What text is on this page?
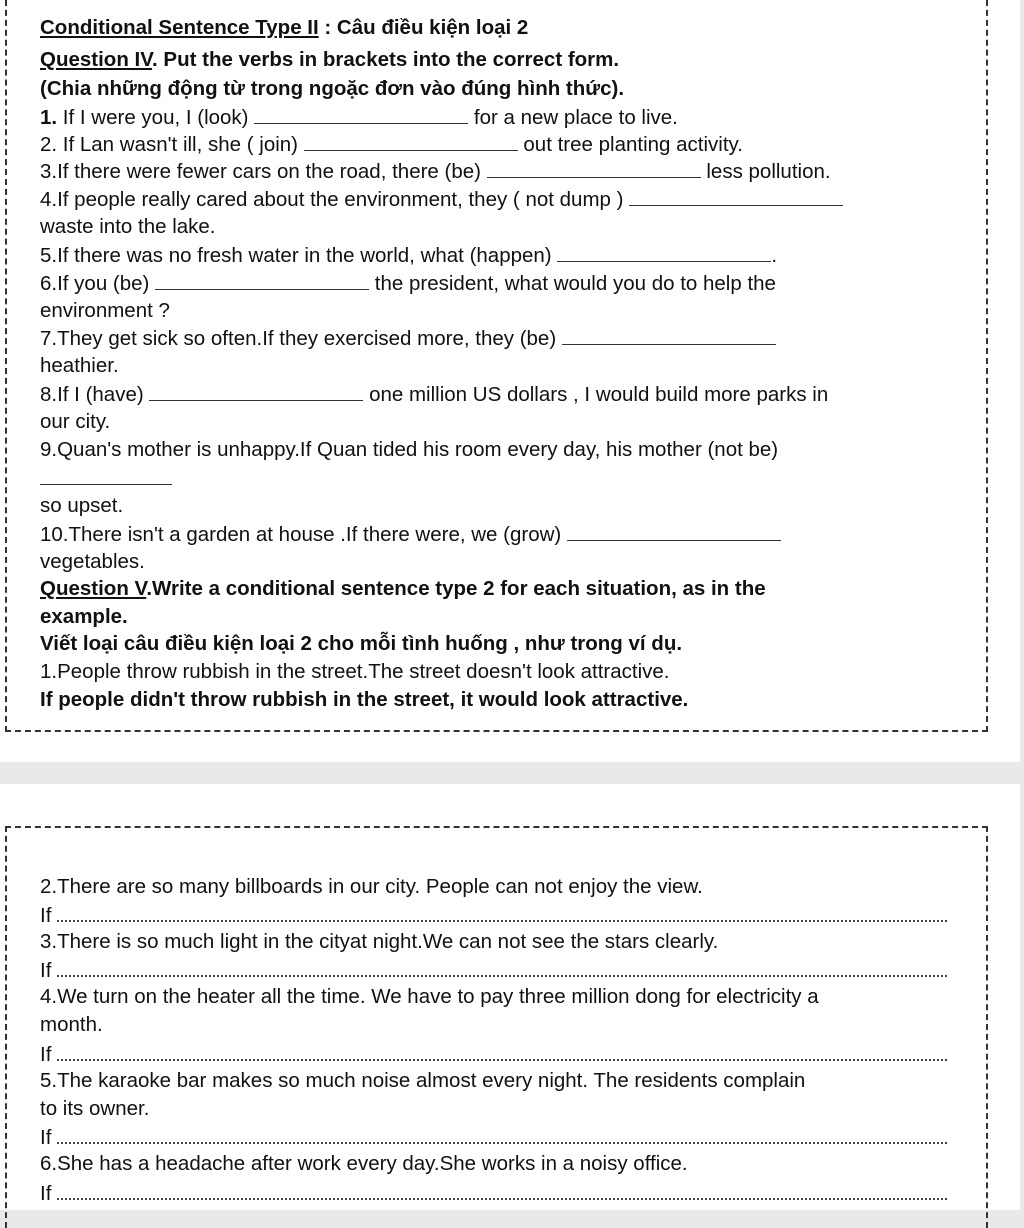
Conditional Sentence Type II : Câu điều kiện loại 2
Question IV. Put the verbs in brackets into the correct form.
(Chia những động từ trong ngoặc đơn vào đúng hình thức).
1. If I were you, I (look)	for a new place to live.
2. If Lan wasn't ill, she ( join)	out tree planting activity.
3.If there were fewer cars on the road, there (be)	less pollution.
4.If people really cared about the environment, they ( not dump )
waste into the lake.
5.If there was no fresh water in the world, what (happen)	.
6.If you (be)	the president, what would you do to help the
environment ?
7.They get sick so often.If they exercised more, they (be)
heathier.
8.If I (have)	one million US dollars , I would build more parks in
our city.
9.Quan's mother is unhappy.If Quan tided his room every day, his mother (not be)
so upset.
10.There isn't a garden at house .If there were, we (grow)
vegetables.
Question V.Write a conditional sentence type 2 for each situation, as in the
example.
Viết loại câu điều kiện loại 2 cho mỗi tình huống , như trong ví dụ.
1.People throw rubbish in the street.The street doesn't look attractive.
If people didn't throw rubbish in the street, it would look attractive.
2.There are so many billboards in our city. People can not enjoy the view.
If
3.There is so much light in the cityat night.We can not see the stars clearly.
If
4.We turn on the heater all the time. We have to pay three million dong for electricity a
month.
If
5.The karaoke bar makes so much noise almost every night. The residents complain
to its owner.
If
6.She has a headache after work every day.She works in a noisy office.
If
